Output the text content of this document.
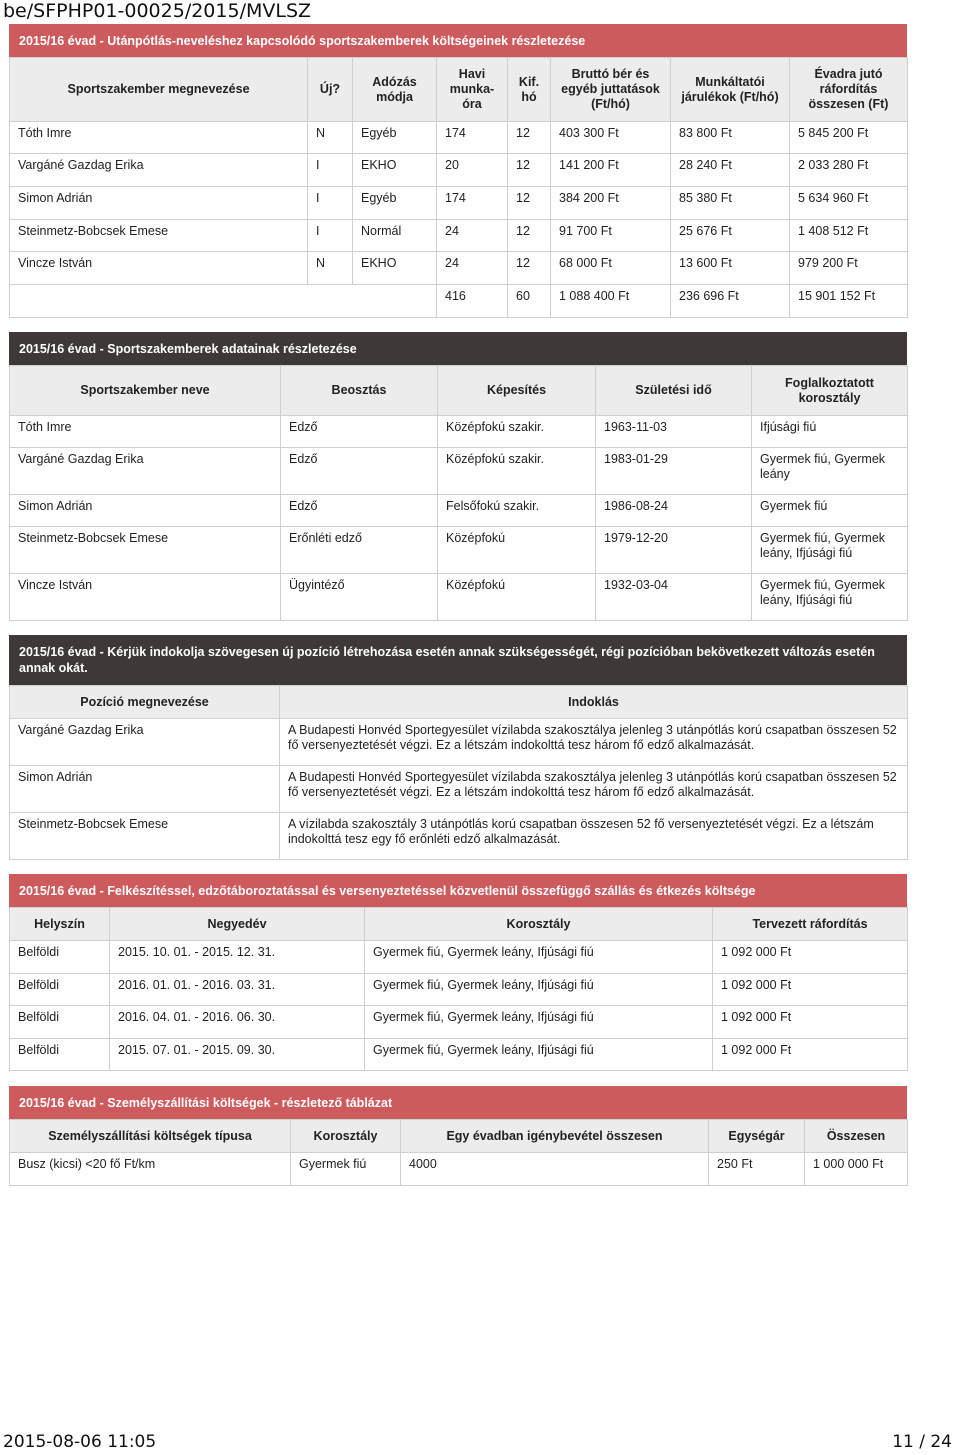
be/SFPHP01-00025/2015/MVLSZ
2015/16 évad - Utánpótlás-neveléshez kapcsolódó sportszakemberek költségeinek részletezése
Sportszakember megnevezése	Új?	Adózás módja	Havi munka-óra	Kif. hó	Bruttó bér és egyéb juttatások (Ft/hó)	Munkáltatói járulékok (Ft/hó)	Évadra jutó ráfordítás összesen (Ft)
Tóth Imre	N	Egyéb	174	12	403 300 Ft	83 800 Ft	5 845 200 Ft
Vargáné Gazdag Erika	I	EKHO	20	12	141 200 Ft	28 240 Ft	2 033 280 Ft
Simon Adrián	I	Egyéb	174	12	384 200 Ft	85 380 Ft	5 634 960 Ft
Steinmetz-Bobcsek Emese	I	Normál	24	12	91 700 Ft	25 676 Ft	1 408 512 Ft
Vincze István	N	EKHO	24	12	68 000 Ft	13 600 Ft	979 200 Ft
			416	60	1 088 400 Ft	236 696 Ft	15 901 152 Ft
2015/16 évad - Sportszakemberek adatainak részletezése
Sportszakember neve	Beosztás	Képesítés	Születési idő	Foglalkoztatott korosztály
Tóth Imre	Edző	Középfokú szakir.	1963-11-03	Ifjúsági fiú
Vargáné Gazdag Erika	Edző	Középfokú szakir.	1983-01-29	Gyermek fiú, Gyermek leány
Simon Adrián	Edző	Felsőfokú szakir.	1986-08-24	Gyermek fiú
Steinmetz-Bobcsek Emese	Erőnléti edző	Középfokú	1979-12-20	Gyermek fiú, Gyermek leány, Ifjúsági fiú
Vincze István	Ügyintéző	Középfokú	1932-03-04	Gyermek fiú, Gyermek leány, Ifjúsági fiú
2015/16 évad - Kérjük indokolja szövegesen új pozíció létrehozása esetén annak szükségességét, régi pozícióban bekövetkezett változás esetén annak okát.
Pozíció megnevezése	Indoklás
Vargáné Gazdag Erika	A Budapesti Honvéd Sportegyesület vízilabda szakosztálya jelenleg 3 utánpótlás korú csapatban összesen 52 fő versenyeztetését végzi. Ez a létszám indokolttá tesz három fő edző alkalmazását.
Simon Adrián	A Budapesti Honvéd Sportegyesület vízilabda szakosztálya jelenleg 3 utánpótlás korú csapatban összesen 52 fő versenyeztetését végzi. Ez a létszám indokolttá tesz három fő edző alkalmazását.
Steinmetz-Bobcsek Emese	A vízilabda szakosztály 3 utánpótlás korú csapatban összesen 52 fő versenyeztetését végzi. Ez a létszám indokolttá tesz egy fő erőnléti edző alkalmazását.
2015/16 évad - Felkészítéssel, edzőtáboroztatással és versenyeztetéssel közvetlenül összefüggő szállás és étkezés költsége
Helyszín	Negyedév	Korosztály	Tervezett ráfordítás
Belföldi	2015. 10. 01. - 2015. 12. 31.	Gyermek fiú, Gyermek leány, Ifjúsági fiú	1 092 000 Ft
Belföldi	2016. 01. 01. - 2016. 03. 31.	Gyermek fiú, Gyermek leány, Ifjúsági fiú	1 092 000 Ft
Belföldi	2016. 04. 01. - 2016. 06. 30.	Gyermek fiú, Gyermek leány, Ifjúsági fiú	1 092 000 Ft
Belföldi	2015. 07. 01. - 2015. 09. 30.	Gyermek fiú, Gyermek leány, Ifjúsági fiú	1 092 000 Ft
2015/16 évad - Személyszállítási költségek - részletező táblázat
Személyszállítási költségek típusa	Korosztály	Egy évadban igénybevétel összesen	Egységár	Összesen
Busz (kicsi) <20 fő Ft/km	Gyermek fiú	4000	250 Ft	1 000 000 Ft
2015-08-06 11:05	11 / 24
